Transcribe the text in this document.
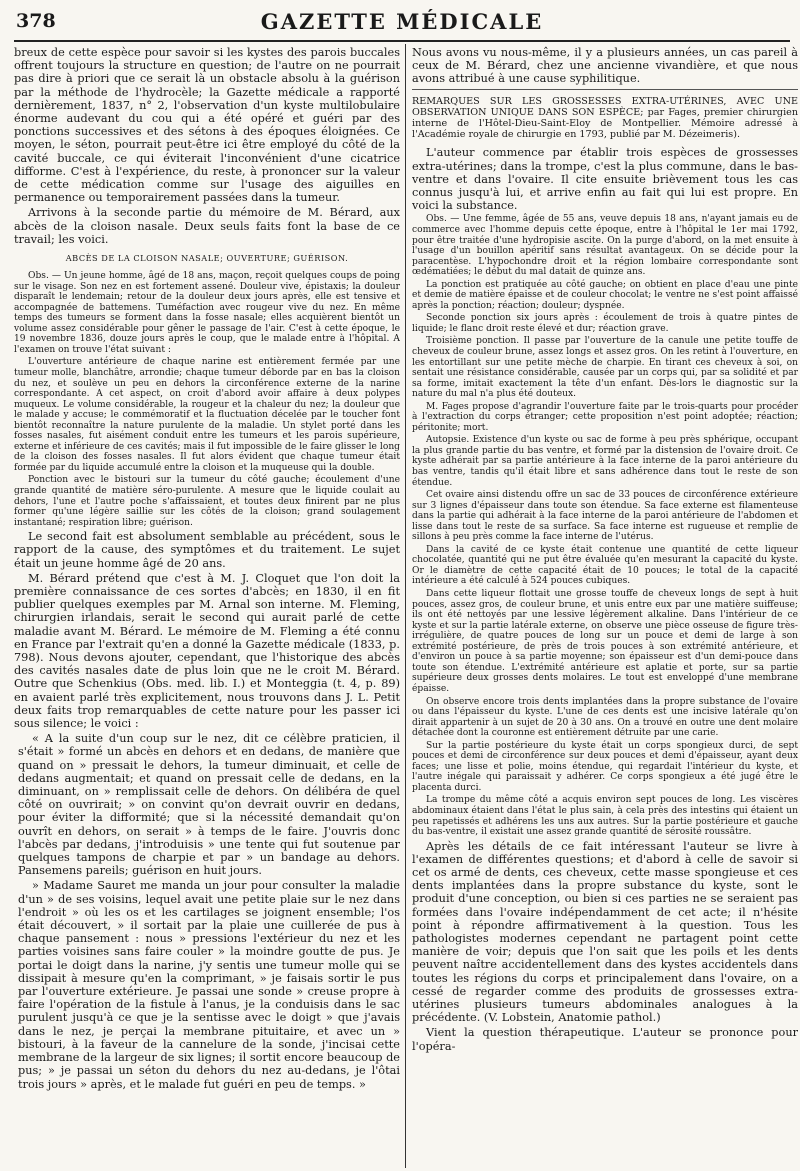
378	GAZETTE MÉDICALE

breux de cette espèce pour savoir si les kystes des parois buccales offrent toujours la structure en question; de l'autre on ne pourrait pas dire à priori que ce serait là un obstacle absolu à la guérison par la méthode de l'hydrocèle; la Gazette médicale a rapporté dernièrement, 1837, n° 2, l'observation d'un kyste multilobulaire énorme audevant du cou qui a été opéré et guéri par des ponctions successives et des sétons à des époques éloignées. Ce moyen, le séton, pourrait peut-être ici être employé du côté de la cavité buccale, ce qui éviterait l'inconvénient d'une cicatrice difforme. C'est à l'expérience, du reste, à prononcer sur la valeur de cette médication comme sur l'usage des aiguilles en permanence ou temporairement passées dans la tumeur.

Arrivons à la seconde partie du mémoire de M. Bérard, aux abcès de la cloison nasale. Deux seuls faits font la base de ce travail; les voici.

ABCÈS DE LA CLOISON NASALE; OUVERTURE; GUÉRISON.

Obs. — Un jeune homme, âgé de 18 ans, maçon, reçoit quelques coups de poing sur le visage. Son nez en est fortement assené. Douleur vive, épistaxis; la douleur disparaît le lendemain; retour de la douleur deux jours après, elle est tensive et accompagnée de battemens. Tuméfaction avec rougeur vive du nez. En même temps des tumeurs se forment dans la fosse nasale; elles acquièrent bientôt un volume assez considérable pour gêner le passage de l'air. C'est à cette époque, le 19 novembre 1836, douze jours après le coup, que le malade entre à l'hôpital. A l'examen on trouve l'état suivant :

L'ouverture antérieure de chaque narine est entièrement fermée par une tumeur molle, blanchâtre, arrondie; chaque tumeur déborde par en bas la cloison du nez, et soulève un peu en dehors la circonférence externe de la narine correspondante. A cet aspect, on croit d'abord avoir affaire à deux polypes muqueux. Le volume considérable, la rougeur et la chaleur du nez; la douleur que le malade y accuse; le commémoratif et la fluctuation décelée par le toucher font bientôt reconnaître la nature purulente de la maladie. Un stylet porté dans les fosses nasales, fut aisément conduit entre les tumeurs et les parois supérieure, externe et inférieure de ces cavités; mais il fut impossible de le faire glisser le long de la cloison des fosses nasales. Il fut alors évident que chaque tumeur était formée par du liquide accumulé entre la cloison et la muqueuse qui la double.

Ponction avec le bistouri sur la tumeur du côté gauche; écoulement d'une grande quantité de matière séro-purulente. A mesure que le liquide coulait au dehors, l'une et l'autre poche s'affaissaient, et toutes deux finirent par ne plus former qu'une légère saillie sur les côtés de la cloison; grand soulagement instantané; respiration libre; guérison.

Le second fait est absolument semblable au précédent, sous le rapport de la cause, des symptômes et du traitement. Le sujet était un jeune homme âgé de 20 ans.

M. Bérard prétend que c'est à M. J. Cloquet que l'on doit la première connaissance de ces sortes d'abcès; en 1830, il en fit publier quelques exemples par M. Arnal son interne. M. Fleming, chirurgien irlandais, serait le second qui aurait parlé de cette maladie avant M. Bérard. Le mémoire de M. Fleming a été connu en France par l'extrait qu'en a donné la Gazette médicale (1833, p. 798). Nous devons ajouter, cependant, que l'historique des abcès des cavités nasales date de plus loin que ne le croit M. Bérard. Outre que Schenkius (Obs. med. lib. I.) et Monteggia (t. 4, p. 89) en avaient parlé très explicitement, nous trouvons dans J. L. Petit deux faits trop remarquables de cette nature pour les passer ici sous silence; le voici :

« A la suite d'un coup sur le nez, dit ce célèbre praticien, il s'était » formé un abcès en dehors et en dedans, de manière que quand on » pressait le dehors, la tumeur diminuait, et celle de dedans augmentait; et quand on pressait celle de dedans, en la diminuant, on » remplissait celle de dehors. On délibéra de quel côté on ouvrirait; » on convint qu'on devrait ouvrir en dedans, pour éviter la difformité; que si la nécessité demandait qu'on ouvrît en dehors, on serait » à temps de le faire. J'ouvris donc l'abcès par dedans, j'introduisis » une tente qui fut soutenue par quelques tampons de charpie et par » un bandage au dehors. Pansemens pareils; guérison en huit jours.

» Madame Sauret me manda un jour pour consulter la maladie d'un » de ses voisins, lequel avait une petite plaie sur le nez dans l'endroit » où les os et les cartilages se joignent ensemble; l'os était découvert, » il sortait par la plaie une cuillerée de pus à chaque pansement : nous » pressions l'extérieur du nez et les parties voisines sans faire couler » la moindre goutte de pus. Je portai le doigt dans la narine, j'y sentis une tumeur molle qui se dissipait à mesure qu'en la comprimant, » je faisais sortir le pus par l'ouverture extérieure. Je passai une sonde » creuse propre à faire l'opération de la fistule à l'anus, je la conduisis dans le sac purulent jusqu'à ce que je la sentisse avec le doigt » que j'avais dans le nez, je perçai la membrane pituitaire, et avec un » bistouri, à la faveur de la cannelure de la sonde, j'incisai cette membrane de la largeur de six lignes; il sortit encore beaucoup de pus; » je passai un séton du dehors du nez au-dedans, je l'ôtai trois jours » après, et le malade fut guéri en peu de temps. »

Nous avons vu nous-même, il y a plusieurs années, un cas pareil à ceux de M. Bérard, chez une ancienne vivandière, et que nous avons attribué à une cause syphilitique.

REMARQUES SUR LES GROSSESSES EXTRA-UTÉRINES, AVEC UNE OBSERVATION UNIQUE DANS SON ESPÈCE; par Fages, premier chirurgien interne de l'Hôtel-Dieu-Saint-Eloy de Montpellier. Mémoire adressé à l'Académie royale de chirurgie en 1793, publié par M. Dézeimeris).

L'auteur commence par établir trois espèces de grossesses extra-utérines; dans la trompe, c'est la plus commune, dans le bas-ventre et dans l'ovaire. Il cite ensuite brièvement tous les cas connus jusqu'à lui, et arrive enfin au fait qui lui est propre. En voici la substance.

Obs. — Une femme, âgée de 55 ans, veuve depuis 18 ans, n'ayant jamais eu de commerce avec l'homme depuis cette époque, entre à l'hôpital le 1er mai 1792, pour être traitée d'une hydropisie ascite. On la purge d'abord, on la met ensuite à l'usage d'un bouillon apéritif sans résultat avantageux. On se décide pour la paracentèse. L'hypochondre droit et la région lombaire correspondante sont œdématiées; le début du mal datait de quinze ans.

La ponction est pratiquée au côté gauche; on obtient en place d'eau une pinte et demie de matière épaisse et de couleur chocolat; le ventre ne s'est point affaissé après la ponction; réaction; douleur; dyspnée.

Seconde ponction six jours après : écoulement de trois à quatre pintes de liquide; le flanc droit reste élevé et dur; réaction grave.

Troisième ponction. Il passe par l'ouverture de la canule une petite touffe de cheveux de couleur brune, assez longs et assez gros. On les retint à l'ouverture, en les entortillant sur une petite mèche de charpie. En tirant ces cheveux à soi, on sentait une résistance considérable, causée par un corps qui, par sa solidité et par sa forme, imitait exactement la tête d'un enfant. Dès-lors le diagnostic sur la nature du mal n'a plus été douteux.

M. Fages propose d'agrandir l'ouverture faite par le trois-quarts pour procéder à l'extraction du corps étranger; cette proposition n'est point adoptée; réaction; péritonite; mort.

Autopsie. Existence d'un kyste ou sac de forme à peu près sphérique, occupant la plus grande partie du bas ventre, et formé par la distension de l'ovaire droit. Ce kyste adhérait par sa partie antérieure à la face interne de la paroi antérieure du bas ventre, tandis qu'il était libre et sans adhérence dans tout le reste de son étendue.

Cet ovaire ainsi distendu offre un sac de 33 pouces de circonférence extérieure sur 3 lignes d'épaisseur dans toute son étendue. Sa face externe est filamenteuse dans la partie qui adhérait à la face interne de la paroi antérieure de l'abdomen et lisse dans tout le reste de sa surface. Sa face interne est rugueuse et remplie de sillons à peu près comme la face interne de l'utérus.

Dans la cavité de ce kyste était contenue une quantité de cette liqueur chocolatée, quantité qui ne put être évaluée qu'en mesurant la capacité du kyste. Or le diamètre de cette capacité était de 10 pouces; le total de la capacité intérieure a été calculé à 524 pouces cubiques.

Dans cette liqueur flottait une grosse touffe de cheveux longs de sept à huit pouces, assez gros, de couleur brune, et unis entre eux par une matière suiffeuse; ils ont été nettoyés par une lessive légèrement alkaline. Dans l'intérieur de ce kyste et sur la partie latérale externe, on observe une pièce osseuse de figure très-irrégulière, de quatre pouces de long sur un pouce et demi de large à son extrémité postérieure, de près de trois pouces à son extrémité antérieure, et d'environ un pouce à sa partie moyenne; son épaisseur est d'un demi-pouce dans toute son étendue. L'extrémité antérieure est aplatie et porte, sur sa partie supérieure deux grosses dents molaires. Le tout est enveloppé d'une membrane épaisse.

On observe encore trois dents implantées dans la propre substance de l'ovaire ou dans l'épaisseur du kyste. L'une de ces dents est une incisive latérale qu'on dirait appartenir à un sujet de 20 à 30 ans. On a trouvé en outre une dent molaire détachée dont la couronne est entièrement détruite par une carie.

Sur la partie postérieure du kyste était un corps spongieux durci, de sept pouces et demi de circonférence sur deux pouces et demi d'épaisseur, ayant deux faces; une lisse et polie, moins étendue, qui regardait l'intérieur du kyste, et l'autre inégale qui paraissait y adhérer. Ce corps spongieux a été jugé être le placenta durci.

La trompe du même côté a acquis environ sept pouces de long. Les viscères abdominaux étaient dans l'état le plus sain, à cela près des intestins qui étaient un peu rapetissés et adhérens les uns aux autres. Sur la partie postérieure et gauche du bas-ventre, il existait une assez grande quantité de sérosité roussâtre.

Après les détails de ce fait intéressant l'auteur se livre à l'examen de différentes questions; et d'abord à celle de savoir si cet os armé de dents, ces cheveux, cette masse spongieuse et ces dents implantées dans la propre substance du kyste, sont le produit d'une conception, ou bien si ces parties ne se seraient pas formées dans l'ovaire indépendamment de cet acte; il n'hésite point à répondre affirmativement à la question. Tous les pathologistes modernes cependant ne partagent point cette manière de voir; depuis que l'on sait que les poils et les dents peuvent naître accidentellement dans des kystes accidentels dans toutes les régions du corps et principalement dans l'ovaire, on a cessé de regarder comme des produits de grossesses extra-utérines plusieurs tumeurs abdominales analogues à la précédente. (V. Lobstein, Anatomie pathol.)

Vient la question thérapeutique. L'auteur se prononce pour l'opéra-
